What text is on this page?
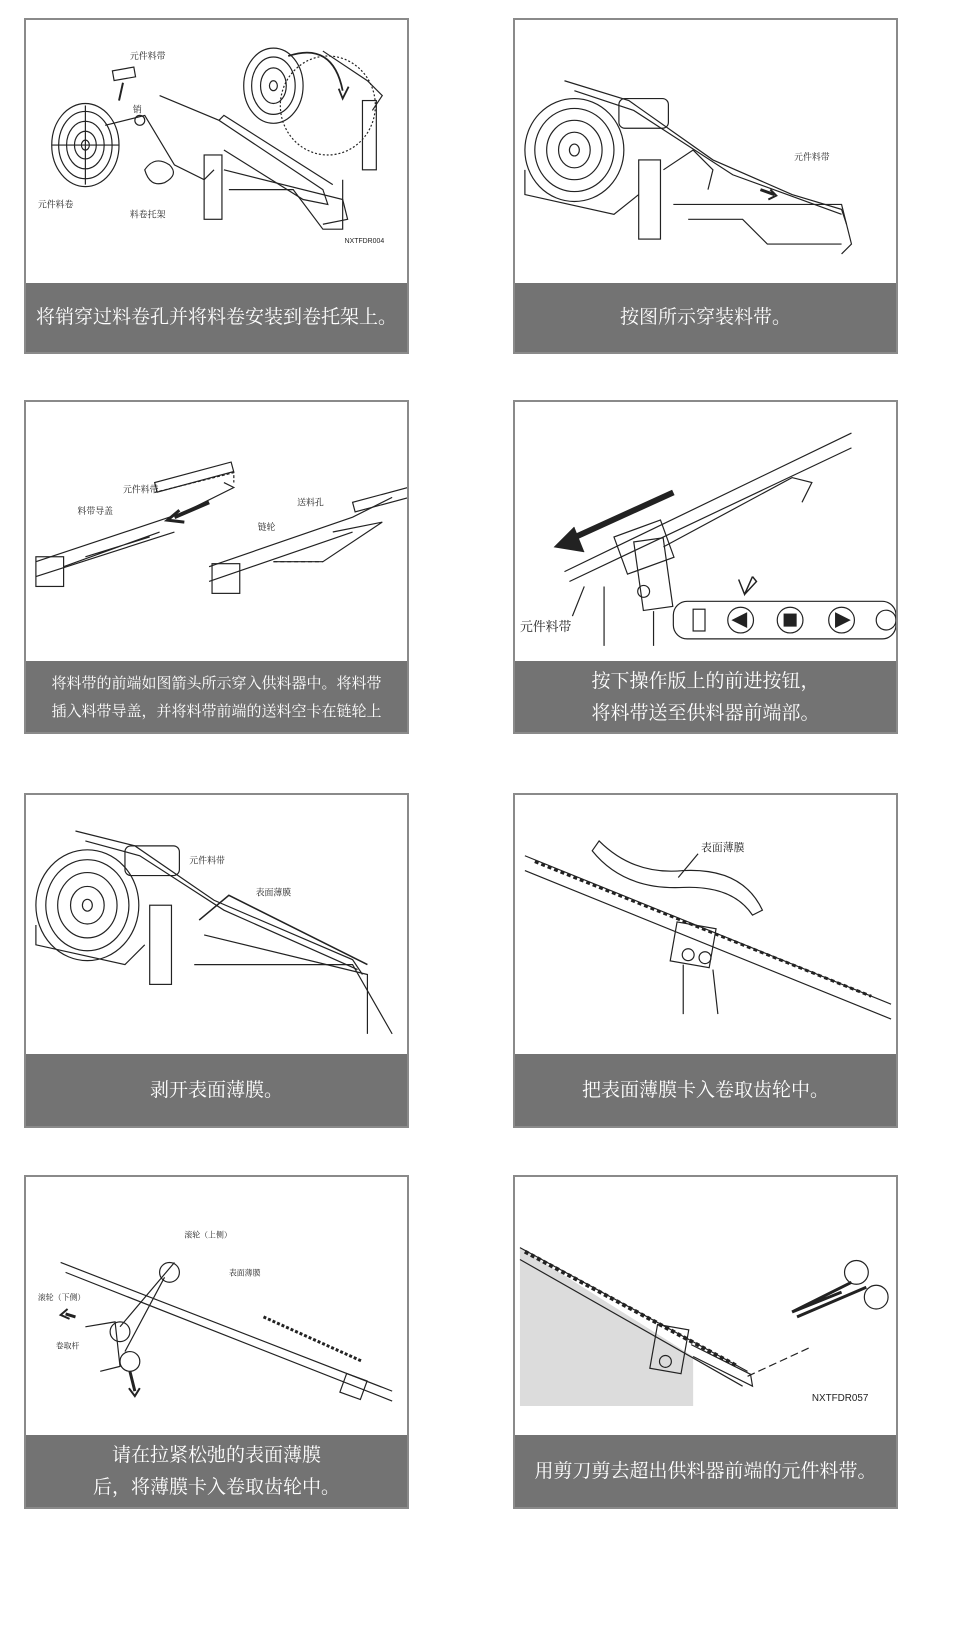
元件料带
销
元件料卷
料卷托架
NXTFDR004
将销穿过料卷孔并将料卷安装到卷托架上。
元件料带
按图所示穿装料带。
元件料带
料带导盖
送料孔
链轮
将料带的前端如图箭头所示穿入供料器中。将料带
插入料带导盖，并将料带前端的送料空卡在链轮上
元件料带
按下操作版上的前进按钮，
将料带送至供料器前端部。
元件料带
表面薄膜
剥开表面薄膜。
表面薄膜
把表面薄膜卡入卷取齿轮中。
滚轮（上侧）
表面薄膜
滚轮（下侧）
卷取杆
请在拉紧松弛的表面薄膜
后，将薄膜卡入卷取齿轮中。
NXTFDR057
用剪刀剪去超出供料器前端的元件料带。
